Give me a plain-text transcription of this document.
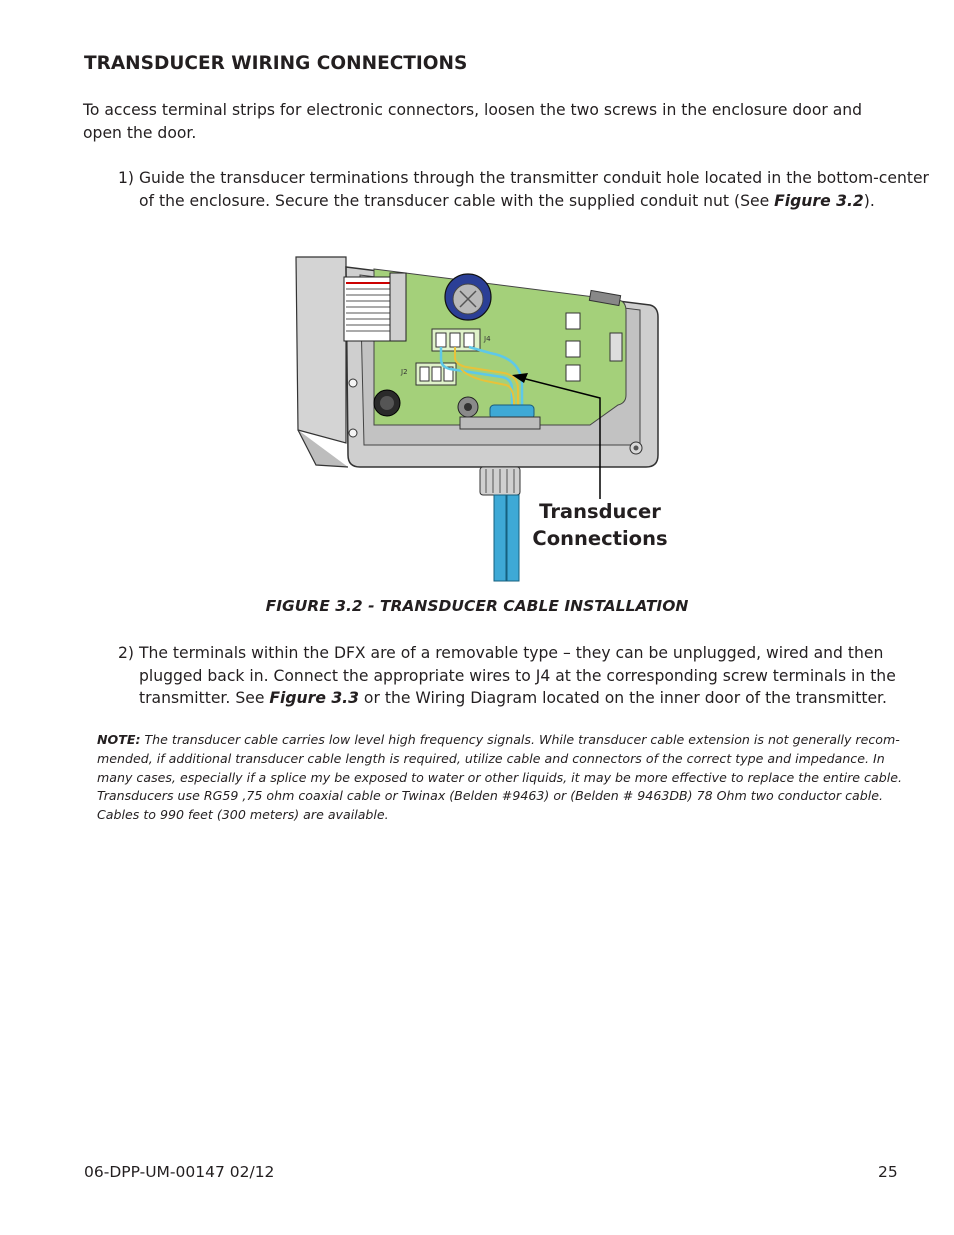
TRANSDUCER WIRING CONNECTIONS

To access terminal strips for electronic connectors, loosen the two screws in the enclosure door and open the door.

1) Guide the transducer terminations through the transmitter conduit hole located in the bottom-center of the enclosure. Secure the transducer cable with the supplied conduit nut (See Figure 3.2).

J4
J2
Transducer
Connections

FIGURE 3.2 - TRANSDUCER CABLE INSTALLATION

2) The terminals within the DFX are of a removable type – they can be unplugged, wired and then plugged back in. Connect the appropriate wires to J4 at the corresponding screw terminals in the transmitter. See Figure 3.3 or the Wiring Diagram located on the inner door of the transmitter.

NOTE: The transducer cable carries low level high frequency signals. While transducer cable extension is not generally recom-mended, if additional transducer cable length is required, utilize cable and connectors of the correct type and impedance. In many cases, especially if a splice my be exposed to water or other liquids, it may be more effective to replace the entire cable. Transducers use RG59 ,75 ohm coaxial cable or Twinax (Belden #9463) or (Belden # 9463DB) 78 Ohm two conductor cable. Cables to 990 feet (300 meters) are available.

06-DPP-UM-00147 02/12	25
